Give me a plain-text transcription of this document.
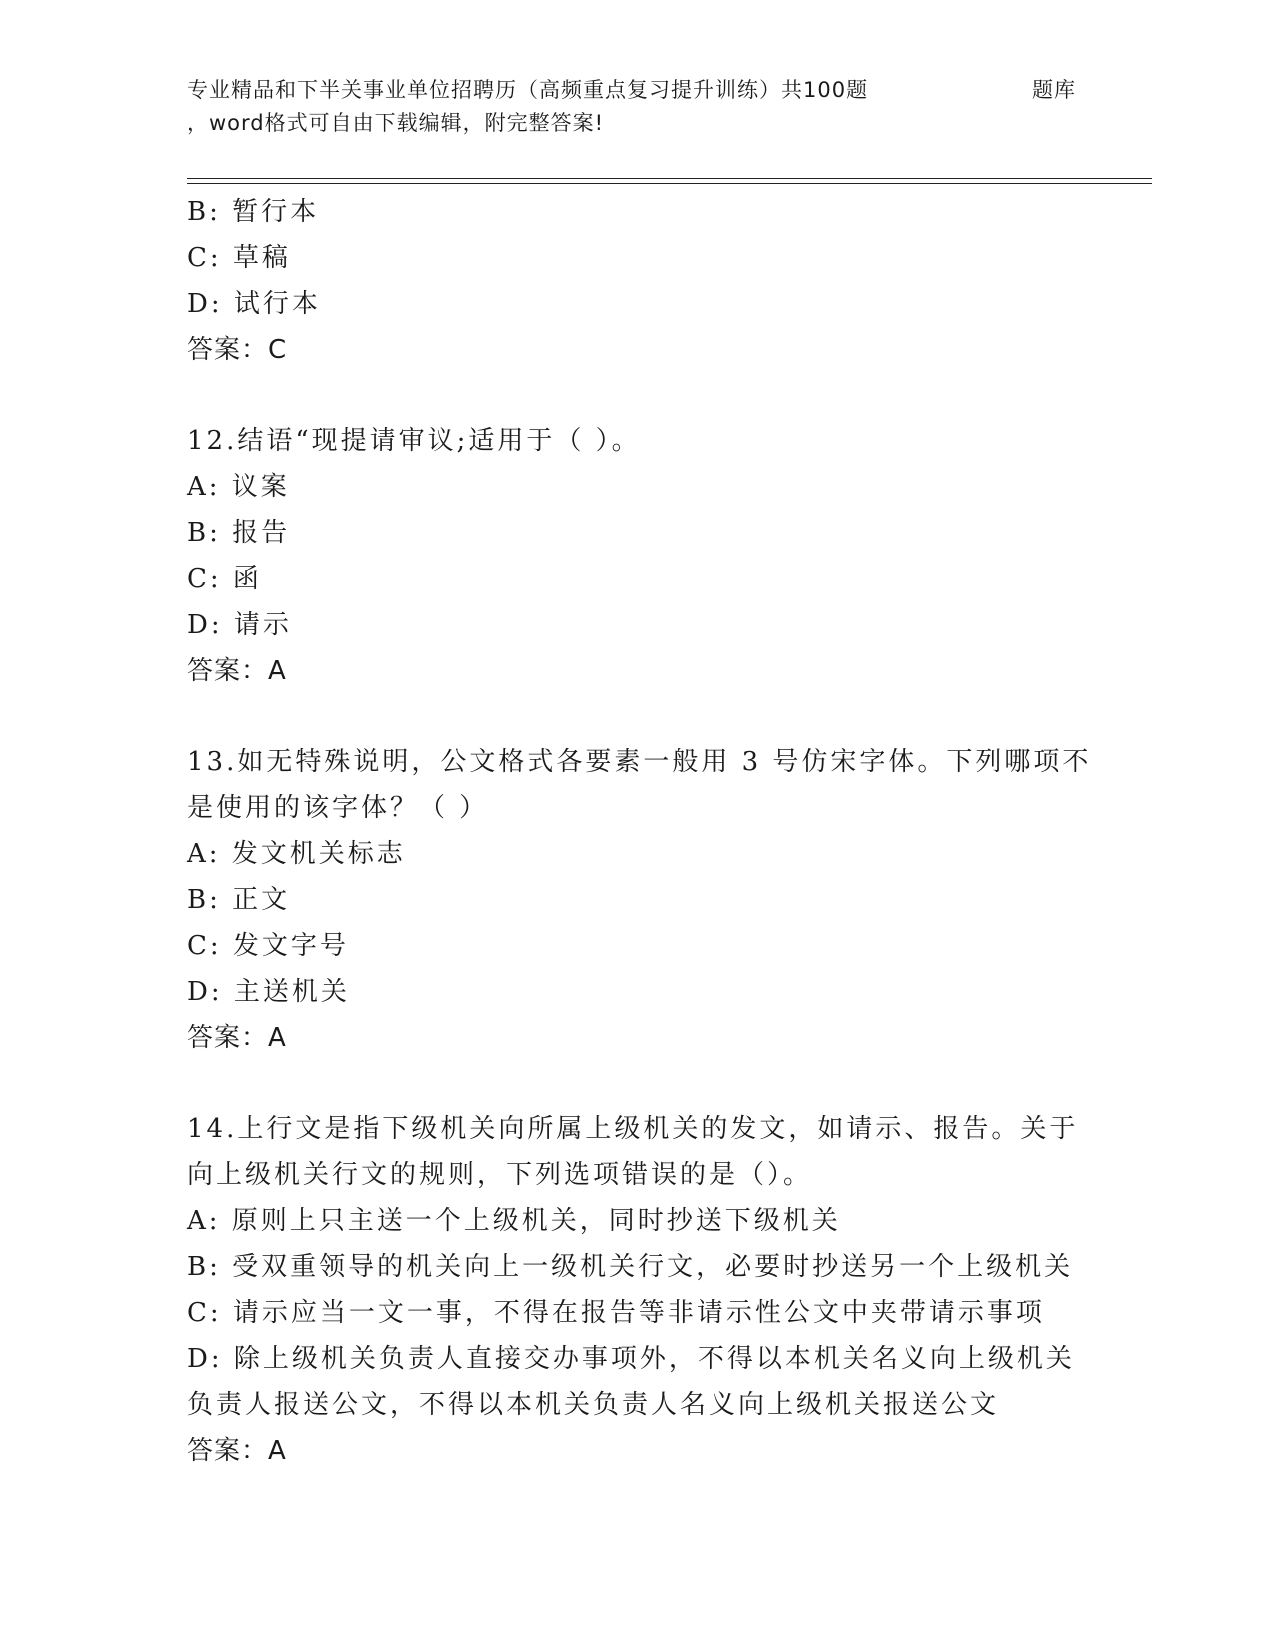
专业精品和下半关事业单位招聘历（高频重点复习提升训练）共100题	题库
，word格式可自由下载编辑，附完整答案!

B: 暂行本

C: 草稿

D: 试行本

答案：C

12.结语“现提请审议;适用于（ ）。

A: 议案

B: 报告

C: 函

D: 请示

答案：A

13.如无特殊说明，公文格式各要素一般用 3 号仿宋字体。下列哪项不

是使用的该字体？（ ）

A: 发文机关标志

B: 正文

C: 发文字号

D: 主送机关

答案：A

14.上行文是指下级机关向所属上级机关的发文，如请示、报告。关于

向上级机关行文的规则，下列选项错误的是（）。

A: 原则上只主送一个上级机关，同时抄送下级机关

B: 受双重领导的机关向上一级机关行文，必要时抄送另一个上级机关

C: 请示应当一文一事，不得在报告等非请示性公文中夹带请示事项

D: 除上级机关负责人直接交办事项外，不得以本机关名义向上级机关

负责人报送公文，不得以本机关负责人名义向上级机关报送公文

答案：A
